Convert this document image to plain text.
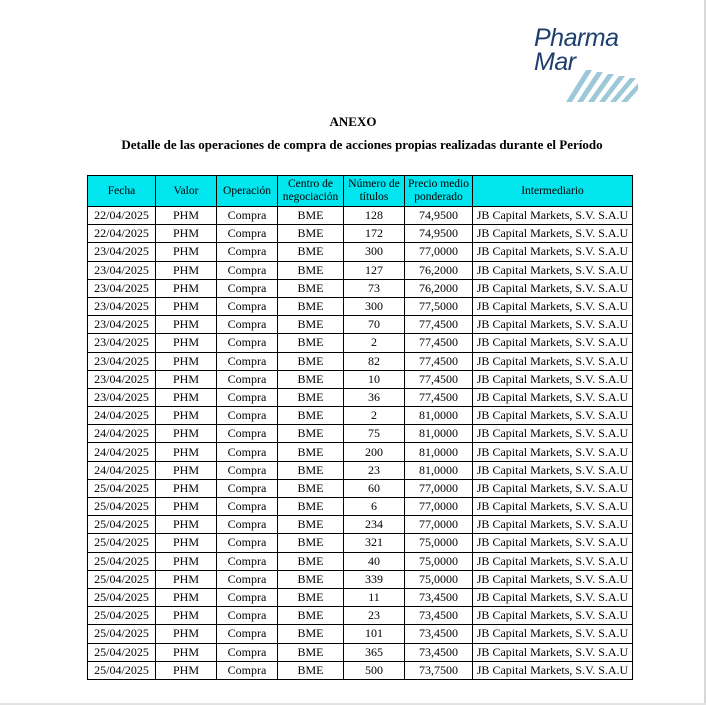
Pharma
Mar
ANEXO
Detalle de las operaciones de compra de acciones propias realizadas durante el Período
Fecha	Valor	Operación	Centro de negociación	Número de títulos	Precio medio ponderado	Intermediario
22/04/2025	PHM	Compra	BME	128	74,9500	JB Capital Markets, S.V. S.A.U
22/04/2025	PHM	Compra	BME	172	74,9500	JB Capital Markets, S.V. S.A.U
23/04/2025	PHM	Compra	BME	300	77,0000	JB Capital Markets, S.V. S.A.U
23/04/2025	PHM	Compra	BME	127	76,2000	JB Capital Markets, S.V. S.A.U
23/04/2025	PHM	Compra	BME	73	76,2000	JB Capital Markets, S.V. S.A.U
23/04/2025	PHM	Compra	BME	300	77,5000	JB Capital Markets, S.V. S.A.U
23/04/2025	PHM	Compra	BME	70	77,4500	JB Capital Markets, S.V. S.A.U
23/04/2025	PHM	Compra	BME	2	77,4500	JB Capital Markets, S.V. S.A.U
23/04/2025	PHM	Compra	BME	82	77,4500	JB Capital Markets, S.V. S.A.U
23/04/2025	PHM	Compra	BME	10	77,4500	JB Capital Markets, S.V. S.A.U
23/04/2025	PHM	Compra	BME	36	77,4500	JB Capital Markets, S.V. S.A.U
24/04/2025	PHM	Compra	BME	2	81,0000	JB Capital Markets, S.V. S.A.U
24/04/2025	PHM	Compra	BME	75	81,0000	JB Capital Markets, S.V. S.A.U
24/04/2025	PHM	Compra	BME	200	81,0000	JB Capital Markets, S.V. S.A.U
24/04/2025	PHM	Compra	BME	23	81,0000	JB Capital Markets, S.V. S.A.U
25/04/2025	PHM	Compra	BME	60	77,0000	JB Capital Markets, S.V. S.A.U
25/04/2025	PHM	Compra	BME	6	77,0000	JB Capital Markets, S.V. S.A.U
25/04/2025	PHM	Compra	BME	234	77,0000	JB Capital Markets, S.V. S.A.U
25/04/2025	PHM	Compra	BME	321	75,0000	JB Capital Markets, S.V. S.A.U
25/04/2025	PHM	Compra	BME	40	75,0000	JB Capital Markets, S.V. S.A.U
25/04/2025	PHM	Compra	BME	339	75,0000	JB Capital Markets, S.V. S.A.U
25/04/2025	PHM	Compra	BME	11	73,4500	JB Capital Markets, S.V. S.A.U
25/04/2025	PHM	Compra	BME	23	73,4500	JB Capital Markets, S.V. S.A.U
25/04/2025	PHM	Compra	BME	101	73,4500	JB Capital Markets, S.V. S.A.U
25/04/2025	PHM	Compra	BME	365	73,4500	JB Capital Markets, S.V. S.A.U
25/04/2025	PHM	Compra	BME	500	73,7500	JB Capital Markets, S.V. S.A.U
